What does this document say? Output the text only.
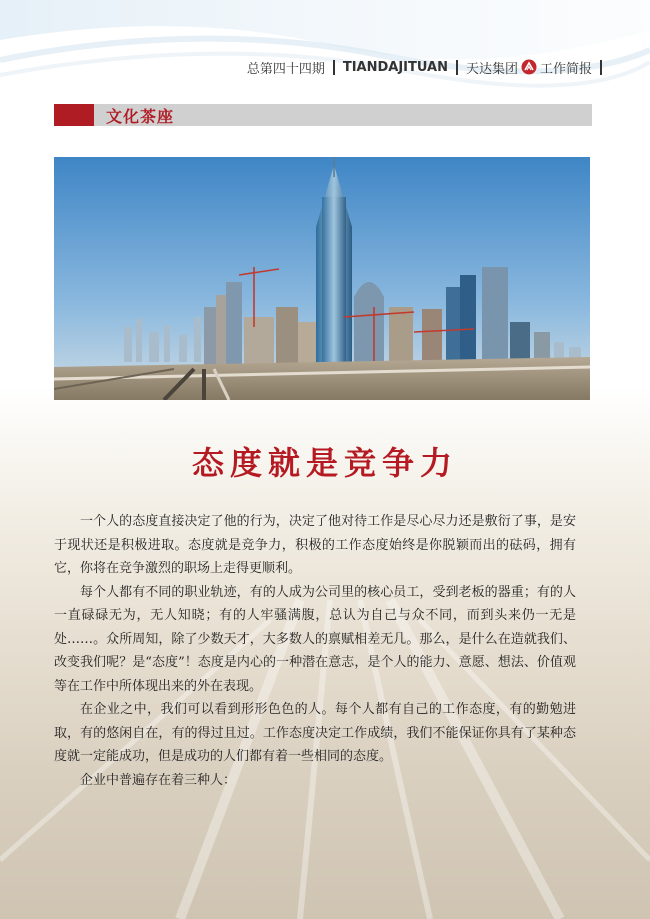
总第四十四期 TIANDAJITUAN 天达集团 工作简报
文化茶座
态度就是竞争力

一个人的态度直接决定了他的行为，决定了他对待工作是尽心尽力还是敷衍了事，是安于现状还是积极进取。态度就是竞争力，积极的工作态度始终是你脱颖而出的砝码，拥有它，你将在竞争激烈的职场上走得更顺利。

每个人都有不同的职业轨迹，有的人成为公司里的核心员工，受到老板的器重；有的人一直碌碌无为，无人知晓；有的人牢骚满腹，总认为自己与众不同，而到头来仍一无是处……。众所周知，除了少数天才，大多数人的禀赋相差无几。那么，是什么在造就我们、改变我们呢？是“态度”！态度是内心的一种潜在意志，是个人的能力、意愿、想法、价值观等在工作中所体现出来的外在表现。

在企业之中，我们可以看到形形色色的人。每个人都有自己的工作态度，有的勤勉进取，有的悠闲自在，有的得过且过。工作态度决定工作成绩，我们不能保证你具有了某种态度就一定能成功，但是成功的人们都有着一些相同的态度。

企业中普遍存在着三种人：
